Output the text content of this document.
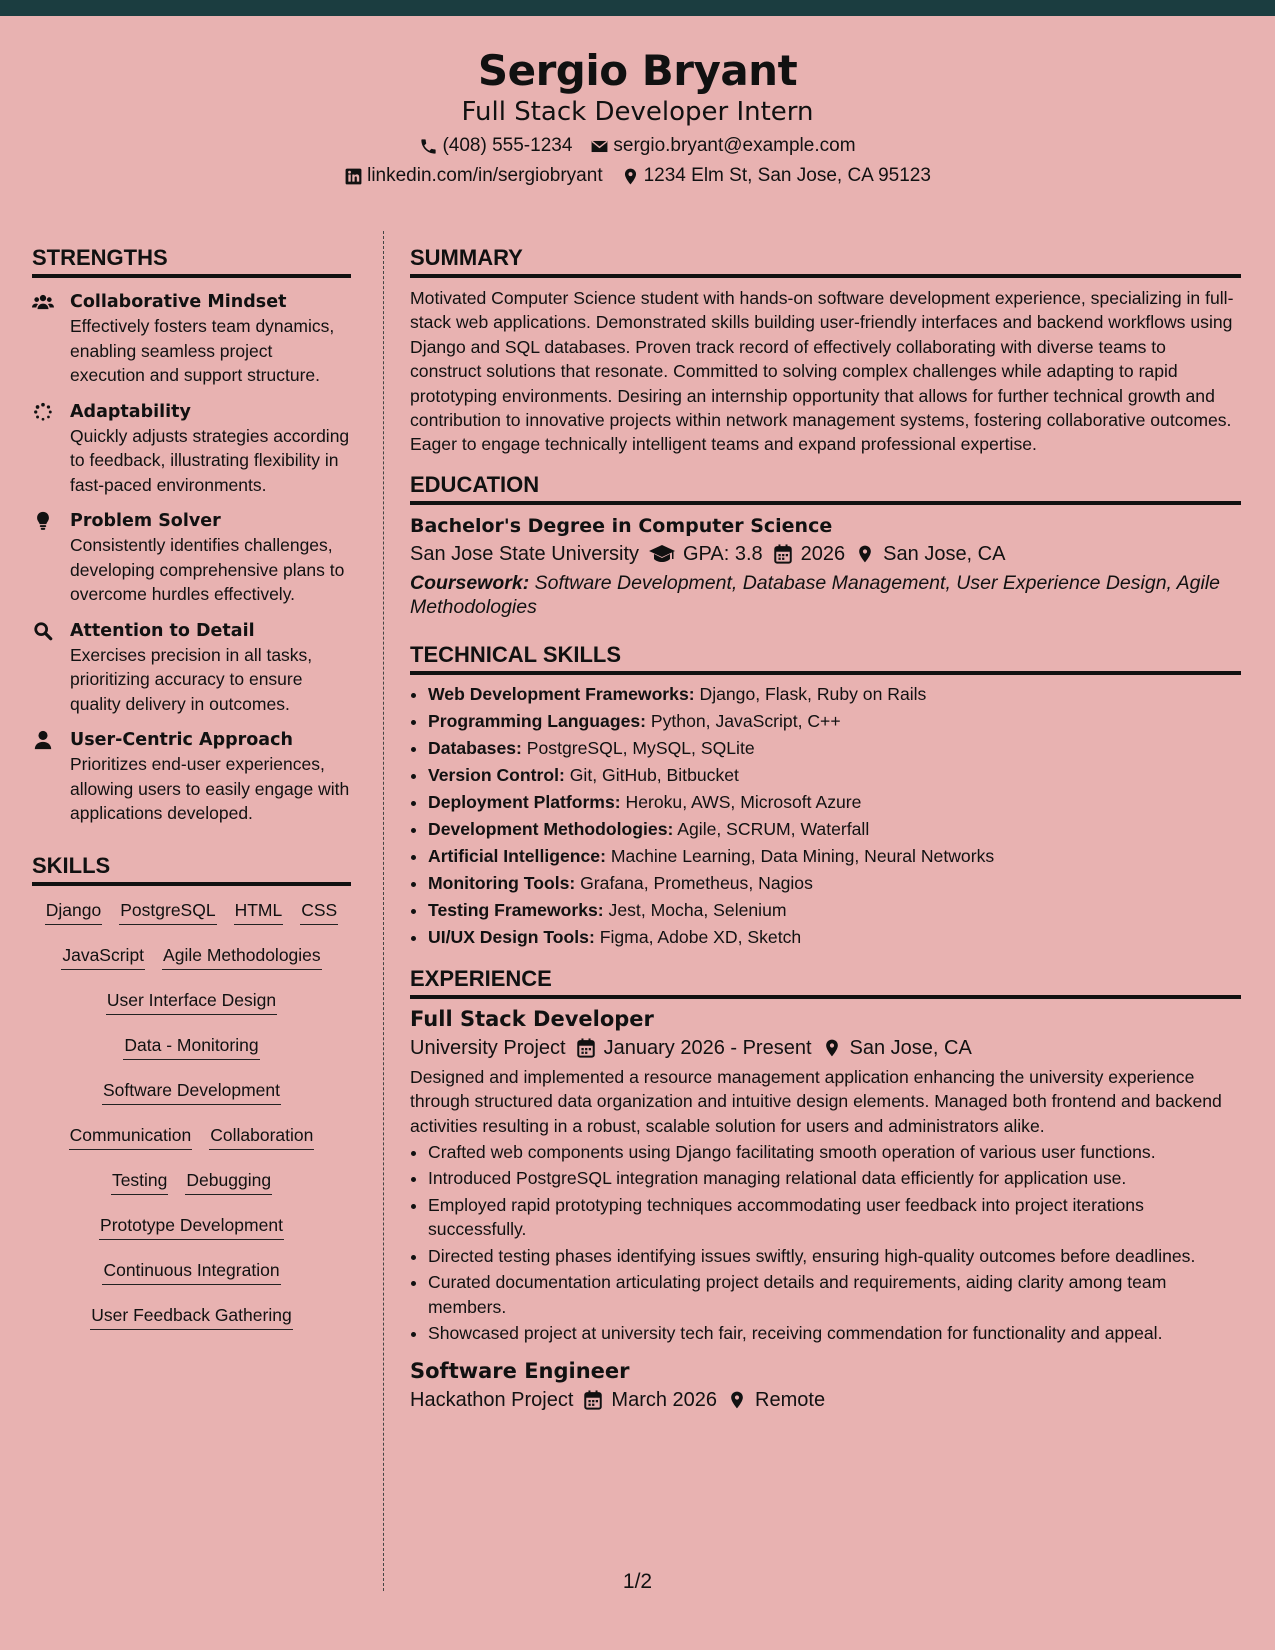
Sergio Bryant
Full Stack Developer Intern
(408) 555-1234 sergio.bryant@example.com
linkedin.com/in/sergiobryant 1234 Elm St, San Jose, CA 95123
STRENGTHS
Collaborative Mindset
Effectively fosters team dynamics, enabling seamless project execution and support structure.
Adaptability
Quickly adjusts strategies according to feedback, illustrating flexibility in fast-paced environments.
Problem Solver
Consistently identifies challenges, developing comprehensive plans to overcome hurdles effectively.
Attention to Detail
Exercises precision in all tasks, prioritizing accuracy to ensure quality delivery in outcomes.
User-Centric Approach
Prioritizes end-user experiences, allowing users to easily engage with applications developed.
SKILLS
Django PostgreSQL HTML CSS
JavaScript Agile Methodologies
User Interface Design
Data - Monitoring
Software Development
Communication Collaboration
Testing Debugging
Prototype Development
Continuous Integration
User Feedback Gathering
SUMMARY
Motivated Computer Science student with hands-on software development experience, specializing in full-stack web applications. Demonstrated skills building user-friendly interfaces and backend workflows using Django and SQL databases. Proven track record of effectively collaborating with diverse teams to construct solutions that resonate. Committed to solving complex challenges while adapting to rapid prototyping environments. Desiring an internship opportunity that allows for further technical growth and contribution to innovative projects within network management systems, fostering collaborative outcomes. Eager to engage technically intelligent teams and expand professional expertise.
EDUCATION
Bachelor's Degree in Computer Science
San Jose State University GPA: 3.8 2026 San Jose, CA
Coursework: Software Development, Database Management, User Experience Design, Agile Methodologies
TECHNICAL SKILLS
• Web Development Frameworks: Django, Flask, Ruby on Rails
• Programming Languages: Python, JavaScript, C++
• Databases: PostgreSQL, MySQL, SQLite
• Version Control: Git, GitHub, Bitbucket
• Deployment Platforms: Heroku, AWS, Microsoft Azure
• Development Methodologies: Agile, SCRUM, Waterfall
• Artificial Intelligence: Machine Learning, Data Mining, Neural Networks
• Monitoring Tools: Grafana, Prometheus, Nagios
• Testing Frameworks: Jest, Mocha, Selenium
• UI/UX Design Tools: Figma, Adobe XD, Sketch
EXPERIENCE
Full Stack Developer
University Project January 2026 - Present San Jose, CA
Designed and implemented a resource management application enhancing the university experience through structured data organization and intuitive design elements. Managed both frontend and backend activities resulting in a robust, scalable solution for users and administrators alike.
• Crafted web components using Django facilitating smooth operation of various user functions.
• Introduced PostgreSQL integration managing relational data efficiently for application use.
• Employed rapid prototyping techniques accommodating user feedback into project iterations successfully.
• Directed testing phases identifying issues swiftly, ensuring high-quality outcomes before deadlines.
• Curated documentation articulating project details and requirements, aiding clarity among team members.
• Showcased project at university tech fair, receiving commendation for functionality and appeal.
Software Engineer
Hackathon Project March 2026 Remote
1/2
